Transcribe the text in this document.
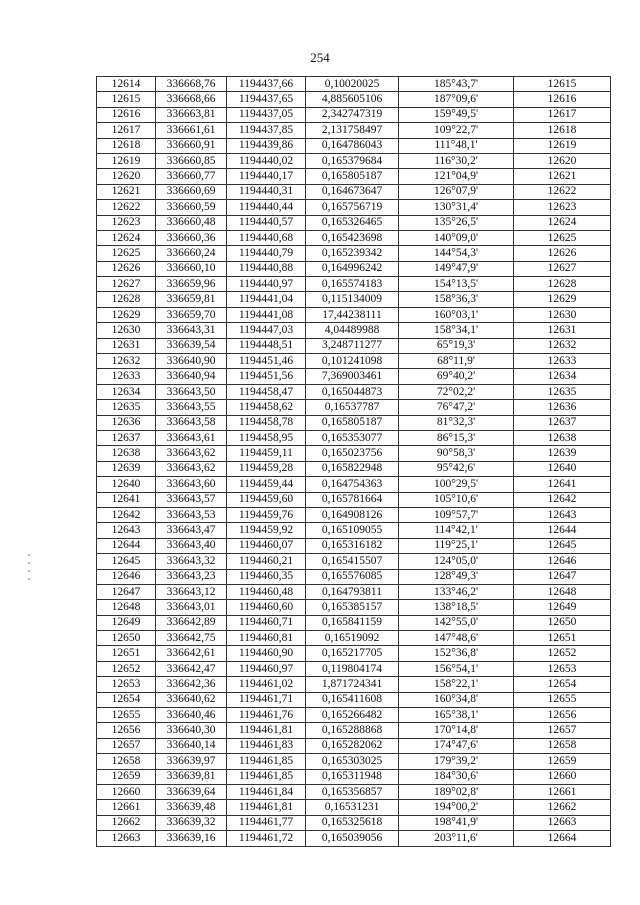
254
12614	336668,76	1194437,66	0,10020025	185°43,7'	12615
12615	336668,66	1194437,65	4,885605106	187°09,6'	12616
12616	336663,81	1194437,05	2,342747319	159°49,5'	12617
12617	336661,61	1194437,85	2,131758497	109°22,7'	12618
12618	336660,91	1194439,86	0,164786043	111°48,1'	12619
12619	336660,85	1194440,02	0,165379684	116°30,2'	12620
12620	336660,77	1194440,17	0,165805187	121°04,9'	12621
12621	336660,69	1194440,31	0,164673647	126°07,9'	12622
12622	336660,59	1194440,44	0,165756719	130°31,4'	12623
12623	336660,48	1194440,57	0,165326465	135°26,5'	12624
12624	336660,36	1194440,68	0,165423698	140°09,0'	12625
12625	336660,24	1194440,79	0,165239342	144°54,3'	12626
12626	336660,10	1194440,88	0,164996242	149°47,9'	12627
12627	336659,96	1194440,97	0,165574183	154°13,5'	12628
12628	336659,81	1194441,04	0,115134009	158°36,3'	12629
12629	336659,70	1194441,08	17,44238111	160°03,1'	12630
12630	336643,31	1194447,03	4,04489988	158°34,1'	12631
12631	336639,54	1194448,51	3,248711277	65°19,3'	12632
12632	336640,90	1194451,46	0,101241098	68°11,9'	12633
12633	336640,94	1194451,56	7,369003461	69°40,2'	12634
12634	336643,50	1194458,47	0,165044873	72°02,2'	12635
12635	336643,55	1194458,62	0,16537787	76°47,2'	12636
12636	336643,58	1194458,78	0,165805187	81°32,3'	12637
12637	336643,61	1194458,95	0,165353077	86°15,3'	12638
12638	336643,62	1194459,11	0,165023756	90°58,3'	12639
12639	336643,62	1194459,28	0,165822948	95°42,6'	12640
12640	336643,60	1194459,44	0,164754363	100°29,5'	12641
12641	336643,57	1194459,60	0,165781664	105°10,6'	12642
12642	336643,53	1194459,76	0,164908126	109°57,7'	12643
12643	336643,47	1194459,92	0,165109055	114°42,1'	12644
12644	336643,40	1194460,07	0,165316182	119°25,1'	12645
12645	336643,32	1194460,21	0,165415507	124°05,0'	12646
12646	336643,23	1194460,35	0,165576085	128°49,3'	12647
12647	336643,12	1194460,48	0,164793811	133°46,2'	12648
12648	336643,01	1194460,60	0,165385157	138°18,5'	12649
12649	336642,89	1194460,71	0,165841159	142°55,0'	12650
12650	336642,75	1194460,81	0,16519092	147°48,6'	12651
12651	336642,61	1194460,90	0,165217705	152°36,8'	12652
12652	336642,47	1194460,97	0,119804174	156°54,1'	12653
12653	336642,36	1194461,02	1,871724341	158°22,1'	12654
12654	336640,62	1194461,71	0,165411608	160°34,8'	12655
12655	336640,46	1194461,76	0,165266482	165°38,1'	12656
12656	336640,30	1194461,81	0,165288868	170°14,8'	12657
12657	336640,14	1194461,83	0,165282062	174°47,6'	12658
12658	336639,97	1194461,85	0,165303025	179°39,2'	12659
12659	336639,81	1194461,85	0,165311948	184°30,6'	12660
12660	336639,64	1194461,84	0,165356857	189°02,8'	12661
12661	336639,48	1194461,81	0,16531231	194°00,2'	12662
12662	336639,32	1194461,77	0,165325618	198°41,9'	12663
12663	336639,16	1194461,72	0,165039056	203°11,6'	12664
